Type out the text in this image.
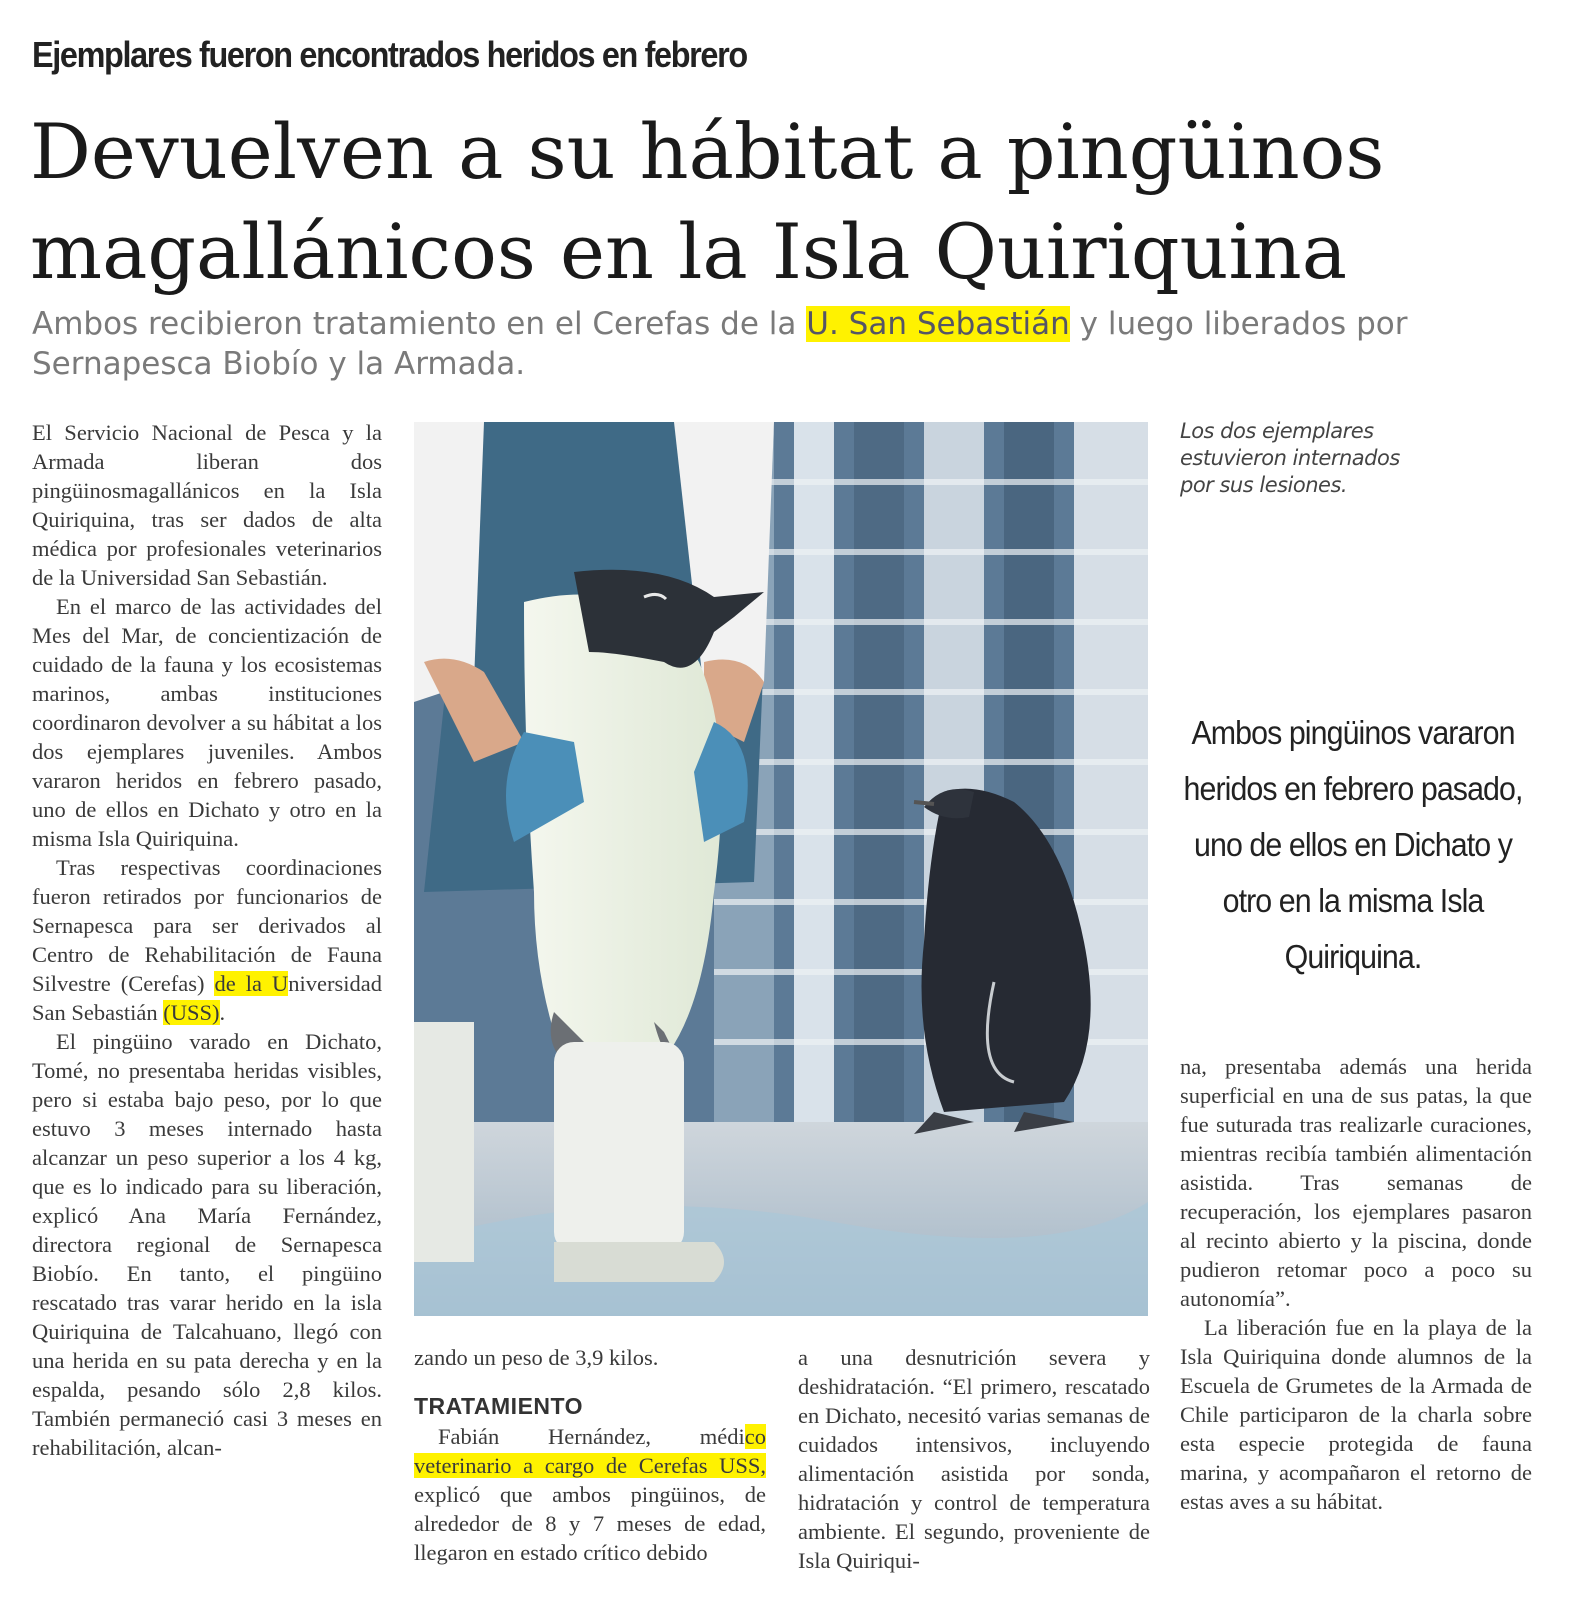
Ejemplares fueron encontrados heridos en febrero
Devuelven a su hábitat a pingüinos
magallánicos en la Isla Quiriquina

Ambos recibieron tratamiento en el Cerefas de la U. San Sebastián y luego liberados por Sernapesca Biobío y la Armada.

El Servicio Nacional de Pesca y la Armada liberan dos pingüinosmagallánicos en la Isla Quiriquina, tras ser dados de alta médica por profesionales veterinarios de la Universidad San Sebastián.

En el marco de las actividades del Mes del Mar, de concientización de cuidado de la fauna y los ecosistemas marinos, ambas instituciones coordinaron devolver a su hábitat a los dos ejemplares juveniles. Ambos vararon heridos en febrero pasado, uno de ellos en Dichato y otro en la misma Isla Quiriquina.

Tras respectivas coordinaciones fueron retirados por funcionarios de Sernapesca para ser derivados al Centro de Rehabilitación de Fauna Silvestre (Cerefas) de la Universidad San Sebastián (USS).

El pingüino varado en Dichato, Tomé, no presentaba heridas visibles, pero si estaba bajo peso, por lo que estuvo 3 meses internado hasta alcanzar un peso superior a los 4 kg, que es lo indicado para su liberación, explicó Ana María Fernández, directora regional de Sernapesca Biobío. En tanto, el pingüino rescatado tras varar herido en la isla Quiriquina de Talcahuano, llegó con una herida en su pata derecha y en la espalda, pesando sólo 2,8 kilos. También permaneció casi 3 meses en rehabilitación, alcan-

Los dos ejemplares estuvieron internados por sus lesiones.
Ambos pingüinos vararon heridos en febrero pasado, uno de ellos en Dichato y otro en la misma Isla Quiriquina.

zando un peso de 3,9 kilos.

TRATAMIENTO

Fabián Hernández, médico veterinario a cargo de Cerefas USS, explicó que ambos pingüinos, de alrededor de 8 y 7 meses de edad, llegaron en estado crítico debido

a una desnutrición severa y deshidratación. “El primero, rescatado en Dichato, necesitó varias semanas de cuidados intensivos, incluyendo alimentación asistida por sonda, hidratación y control de temperatura ambiente. El segundo, proveniente de Isla Quiriqui-

na, presentaba además una herida superficial en una de sus patas, la que fue suturada tras realizarle curaciones, mientras recibía también alimentación asistida. Tras semanas de recuperación, los ejemplares pasaron al recinto abierto y la piscina, donde pudieron retomar poco a poco su autonomía”.

La liberación fue en la playa de la Isla Quiriquina donde alumnos de la Escuela de Grumetes de la Armada de Chile participaron de la charla sobre esta especie protegida de fauna marina, y acompañaron el retorno de estas aves a su hábitat.
